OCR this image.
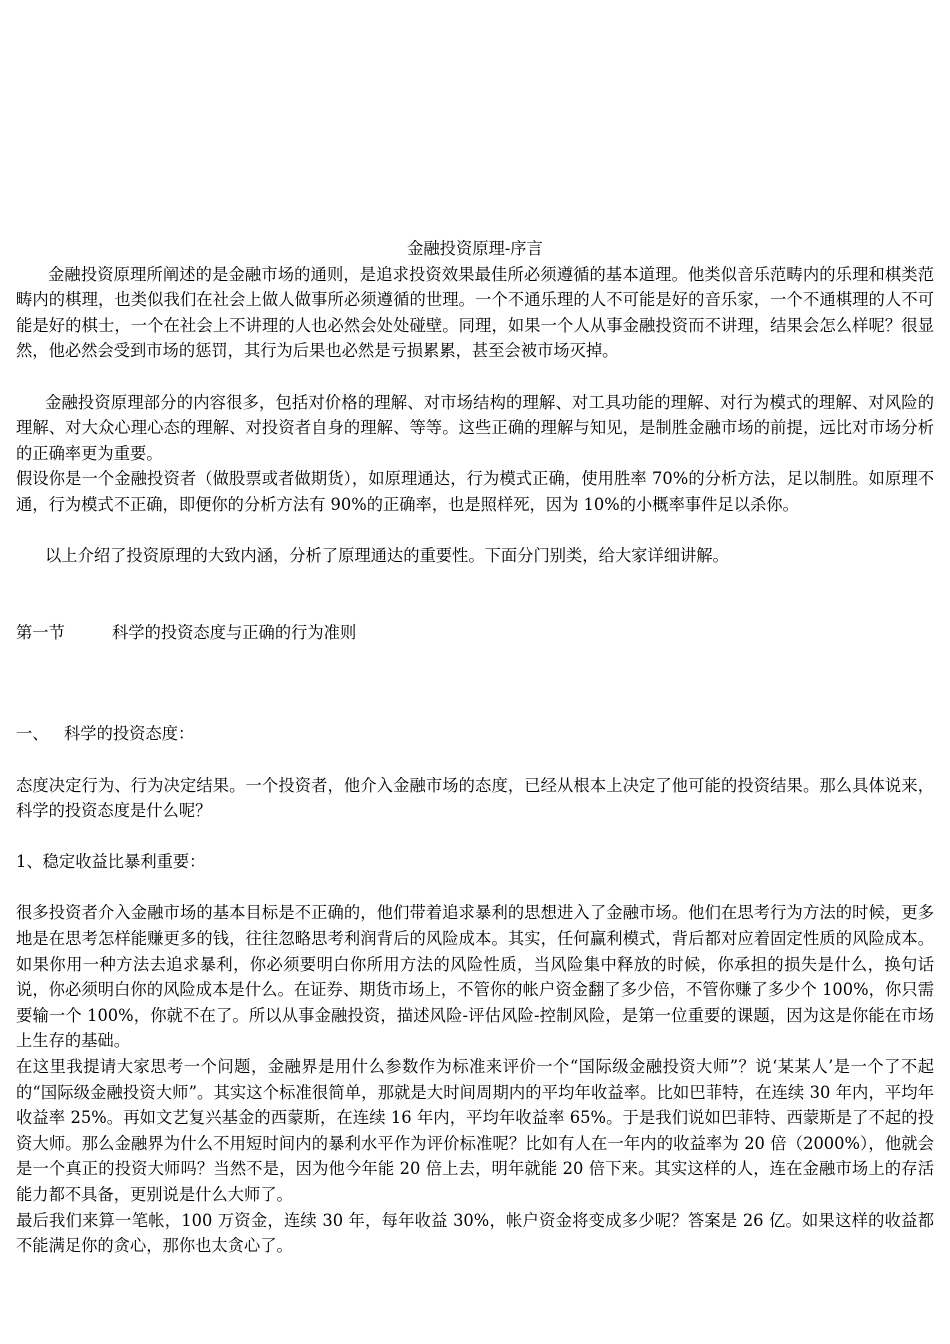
金融投资原理-序言

金融投资原理所阐述的是金融市场的通则，是追求投资效果最佳所必须遵循的基本道理。他类似音乐范畴内的乐理和棋类范畴内的棋理，也类似我们在社会上做人做事所必须遵循的世理。一个不通乐理的人不可能是好的音乐家，一个不通棋理的人不可能是好的棋士，一个在社会上不讲理的人也必然会处处碰壁。同理，如果一个人从事金融投资而不讲理，结果会怎么样呢？很显然，他必然会受到市场的惩罚，其行为后果也必然是亏损累累，甚至会被市场灭掉。

金融投资原理部分的内容很多，包括对价格的理解、对市场结构的理解、对工具功能的理解、对行为模式的理解、对风险的理解、对大众心理心态的理解、对投资者自身的理解、等等。这些正确的理解与知见，是制胜金融市场的前提，远比对市场分析的正确率更为重要。

假设你是一个金融投资者（做股票或者做期货），如原理通达，行为模式正确，使用胜率 70%的分析方法，足以制胜。如原理不通，行为模式不正确，即便你的分析方法有 90%的正确率，也是照样死，因为 10%的小概率事件足以杀你。

以上介绍了投资原理的大致内涵，分析了原理通达的重要性。下面分门别类，给大家详细讲解。

第一节	科学的投资态度与正确的行为准则

一、 科学的投资态度：

态度决定行为、行为决定结果。一个投资者，他介入金融市场的态度，已经从根本上决定了他可能的投资结果。那么具体说来，科学的投资态度是什么呢？

1、稳定收益比暴利重要：

很多投资者介入金融市场的基本目标是不正确的，他们带着追求暴利的思想进入了金融市场。他们在思考行为方法的时候，更多地是在思考怎样能赚更多的钱，往往忽略思考利润背后的风险成本。其实，任何赢利模式，背后都对应着固定性质的风险成本。如果你用一种方法去追求暴利，你必须要明白你所用方法的风险性质，当风险集中释放的时候，你承担的损失是什么，换句话说，你必须明白你的风险成本是什么。在证券、期货市场上，不管你的帐户资金翻了多少倍，不管你赚了多少个 100%，你只需要输一个 100%，你就不在了。所以从事金融投资，描述风险-评估风险-控制风险，是第一位重要的课题，因为这是你能在市场上生存的基础。

在这里我提请大家思考一个问题，金融界是用什么参数作为标准来评价一个“国际级金融投资大师”？说‘某某人’是一个了不起的“国际级金融投资大师”。其实这个标准很简单，那就是大时间周期内的平均年收益率。比如巴菲特，在连续 30 年内，平均年收益率 25%。再如文艺复兴基金的西蒙斯，在连续 16 年内，平均年收益率 65%。于是我们说如巴菲特、西蒙斯是了不起的投资大师。那么金融界为什么不用短时间内的暴利水平作为评价标准呢？比如有人在一年内的收益率为 20 倍（2000%），他就会是一个真正的投资大师吗？当然不是，因为他今年能 20 倍上去，明年就能 20 倍下来。其实这样的人，连在金融市场上的存活能力都不具备，更别说是什么大师了。

最后我们来算一笔帐，100 万资金，连续 30 年，每年收益 30%，帐户资金将变成多少呢？答案是 26 亿。如果这样的收益都不能满足你的贪心，那你也太贪心了。
